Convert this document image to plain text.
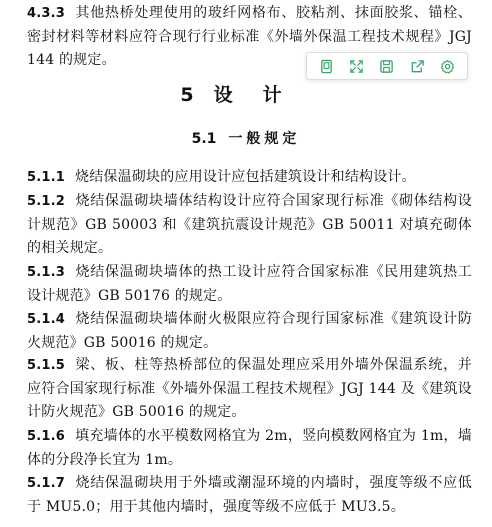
4.3.3 其他热桥处理使用的玻纤网格布、胶粘剂、抹面胶浆、锚栓、密封材料等材料应符合现行行业标准《外墙外保温工程技术规程》JGJ 144 的规定。

5 设计
5.1 一般规定

5.1.1 烧结保温砌块的应用设计应包括建筑设计和结构设计。

5.1.2 烧结保温砌块墙体结构设计应符合国家现行标准《砌体结构设计规范》GB 50003 和《建筑抗震设计规范》GB 50011 对填充砌体的相关规定。

5.1.3 烧结保温砌块墙体的热工设计应符合国家标准《民用建筑热工设计规范》GB 50176 的规定。

5.1.4 烧结保温砌块墙体耐火极限应符合现行国家标准《建筑设计防火规范》GB 50016 的规定。

5.1.5 梁、板、柱等热桥部位的保温处理应采用外墙外保温系统，并应符合国家现行标准《外墙外保温工程技术规程》JGJ 144 及《建筑设计防火规范》GB 50016 的规定。

5.1.6 填充墙体的水平模数网格宜为 2m，竖向模数网格宜为 1m，墙体的分段净长宜为 1m。

5.1.7 烧结保温砌块用于外墙或潮湿环境的内墙时，强度等级不应低于 MU5.0；用于其他内墙时，强度等级不应低于 MU3.5。
